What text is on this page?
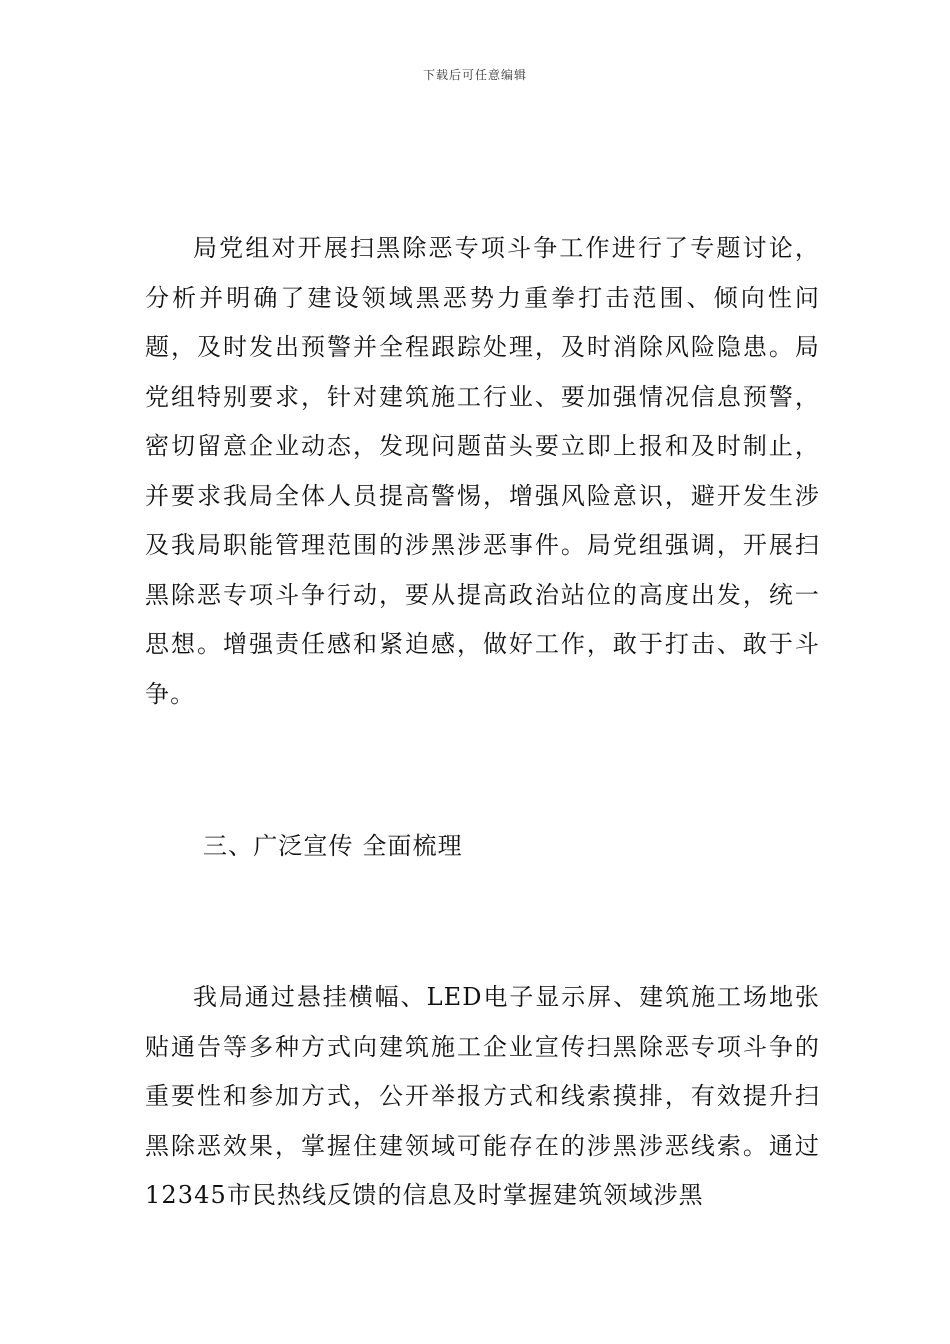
下载后可任意编辑

局党组对开展扫黑除恶专项斗争工作进行了专题讨论，分析并明确了建设领域黑恶势力重拳打击范围、倾向性问题，及时发出预警并全程跟踪处理，及时消除风险隐患。局党组特别要求，针对建筑施工行业、要加强情况信息预警，密切留意企业动态，发现问题苗头要立即上报和及时制止，并要求我局全体人员提高警惕，增强风险意识，避开发生涉及我局职能管理范围的涉黑涉恶事件。局党组强调，开展扫黑除恶专项斗争行动，要从提高政治站位的高度出发，统一思想。增强责任感和紧迫感，做好工作，敢于打击、敢于斗争。

三、广泛宣传 全面梳理

我局通过悬挂横幅、LED电子显示屏、建筑施工场地张贴通告等多种方式向建筑施工企业宣传扫黑除恶专项斗争的重要性和参加方式，公开举报方式和线索摸排，有效提升扫黑除恶效果，掌握住建领域可能存在的涉黑涉恶线索。通过12345市民热线反馈的信息及时掌握建筑领域涉黑
